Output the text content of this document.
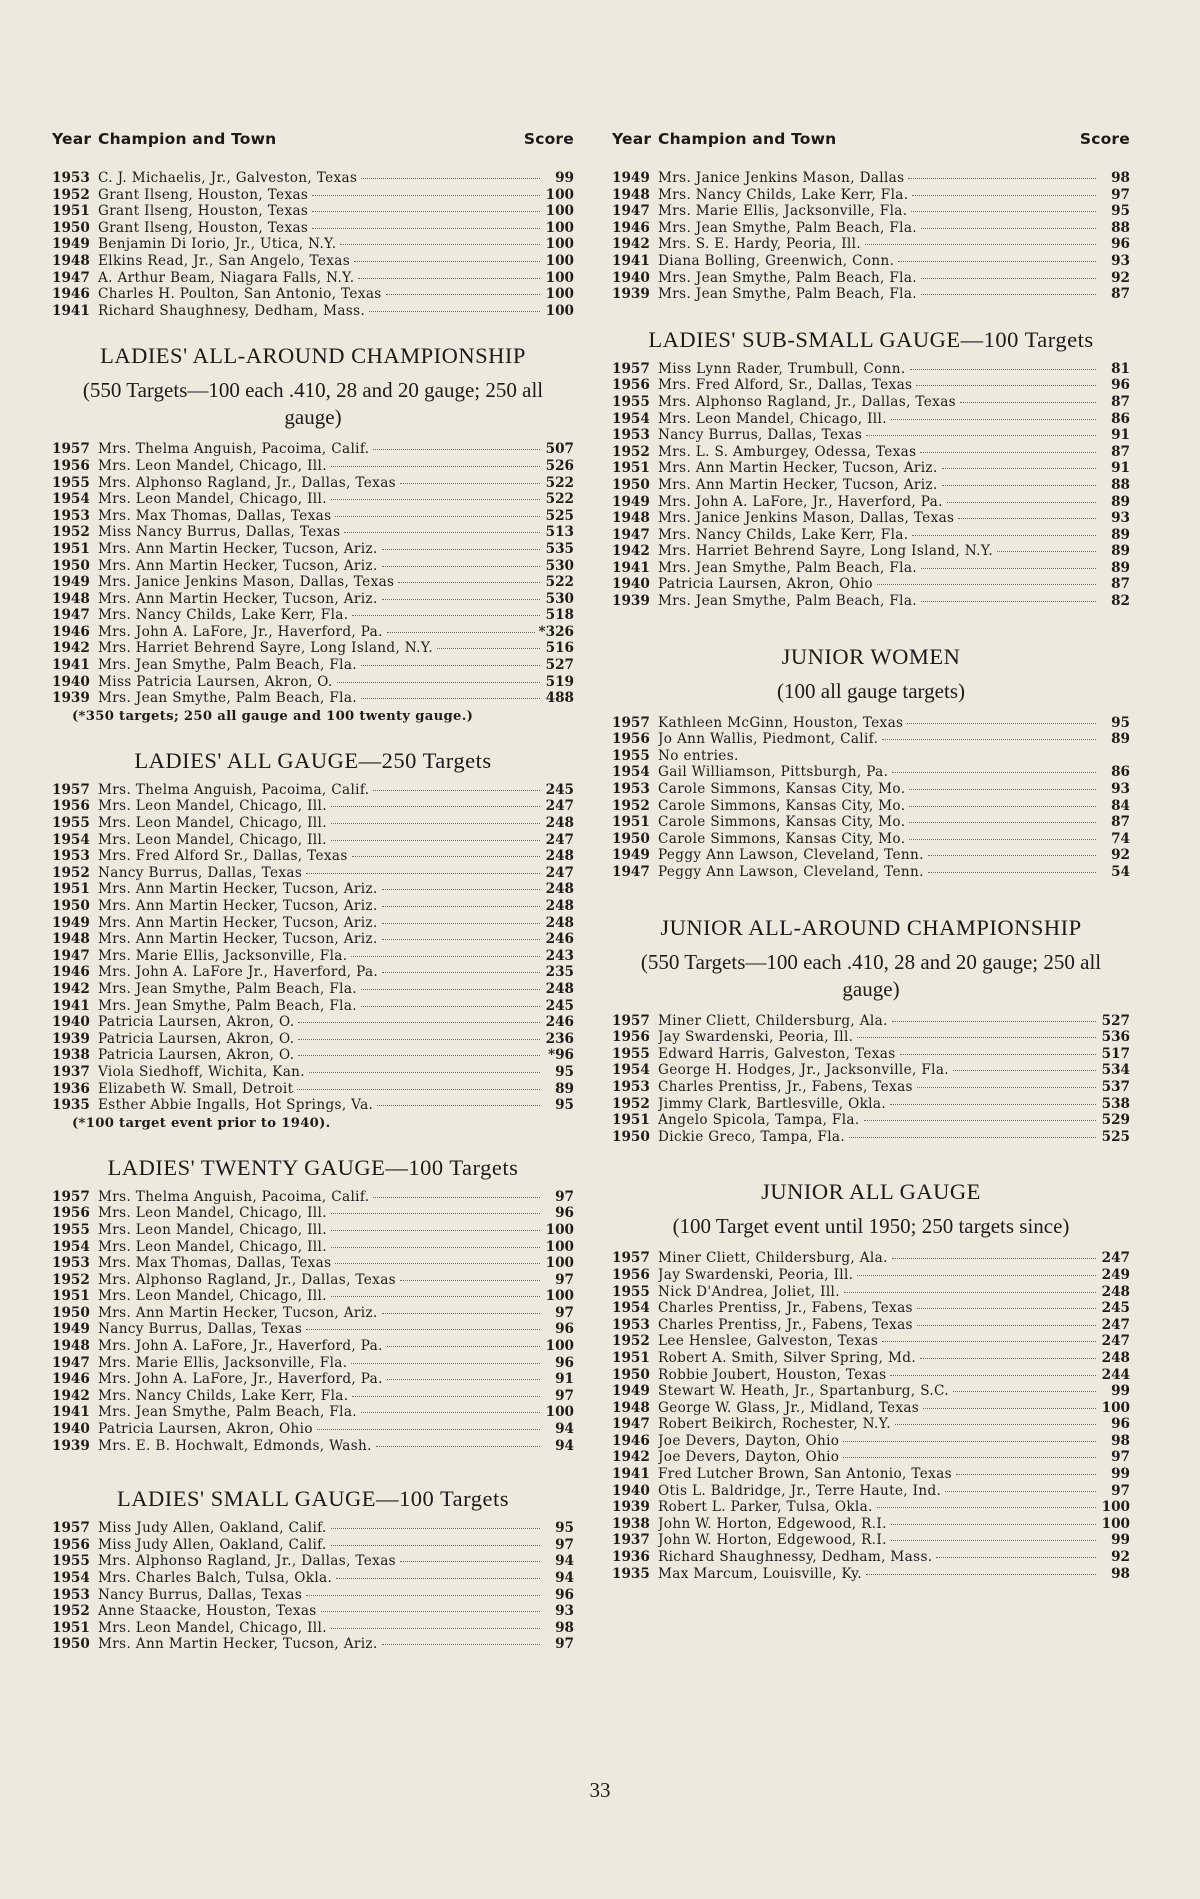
Year Champion and Town	Score
1953 C. J. Michaelis, Jr., Galveston, Texas	99
1952 Grant Ilseng, Houston, Texas	100
1951 Grant Ilseng, Houston, Texas	100
1950 Grant Ilseng, Houston, Texas	100
1949 Benjamin Di Iorio, Jr., Utica, N.Y.	100
1948 Elkins Read, Jr., San Angelo, Texas	100
1947 A. Arthur Beam, Niagara Falls, N.Y.	100
1946 Charles H. Poulton, San Antonio, Texas	100
1941 Richard Shaughnesy, Dedham, Mass.	100
LADIES' ALL-AROUND CHAMPIONSHIP

(550 Targets—100 each .410, 28 and 20 gauge; 250 all gauge)

1957 Mrs. Thelma Anguish, Pacoima, Calif.	507
1956 Mrs. Leon Mandel, Chicago, Ill.	526
1955 Mrs. Alphonso Ragland, Jr., Dallas, Texas	522
1954 Mrs. Leon Mandel, Chicago, Ill.	522
1953 Mrs. Max Thomas, Dallas, Texas	525
1952 Miss Nancy Burrus, Dallas, Texas	513
1951 Mrs. Ann Martin Hecker, Tucson, Ariz.	535
1950 Mrs. Ann Martin Hecker, Tucson, Ariz.	530
1949 Mrs. Janice Jenkins Mason, Dallas, Texas	522
1948 Mrs. Ann Martin Hecker, Tucson, Ariz.	530
1947 Mrs. Nancy Childs, Lake Kerr, Fla.	518
1946 Mrs. John A. LaFore, Jr., Haverford, Pa.	*326
1942 Mrs. Harriet Behrend Sayre, Long Island, N.Y.	516
1941 Mrs. Jean Smythe, Palm Beach, Fla.	527
1940 Miss Patricia Laursen, Akron, O.	519
1939 Mrs. Jean Smythe, Palm Beach, Fla.	488

(*350 targets; 250 all gauge and 100 twenty gauge.)

LADIES' ALL GAUGE—250 Targets
1957 Mrs. Thelma Anguish, Pacoima, Calif.	245
1956 Mrs. Leon Mandel, Chicago, Ill.	247
1955 Mrs. Leon Mandel, Chicago, Ill.	248
1954 Mrs. Leon Mandel, Chicago, Ill.	247
1953 Mrs. Fred Alford Sr., Dallas, Texas	248
1952 Nancy Burrus, Dallas, Texas	247
1951 Mrs. Ann Martin Hecker, Tucson, Ariz.	248
1950 Mrs. Ann Martin Hecker, Tucson, Ariz.	248
1949 Mrs. Ann Martin Hecker, Tucson, Ariz.	248
1948 Mrs. Ann Martin Hecker, Tucson, Ariz.	246
1947 Mrs. Marie Ellis, Jacksonville, Fla.	243
1946 Mrs. John A. LaFore Jr., Haverford, Pa.	235
1942 Mrs. Jean Smythe, Palm Beach, Fla.	248
1941 Mrs. Jean Smythe, Palm Beach, Fla.	245
1940 Patricia Laursen, Akron, O.	246
1939 Patricia Laursen, Akron, O.	236
1938 Patricia Laursen, Akron, O.	*96
1937 Viola Siedhoff, Wichita, Kan.	95
1936 Elizabeth W. Small, Detroit	89
1935 Esther Abbie Ingalls, Hot Springs, Va.	95

(*100 target event prior to 1940).

LADIES' TWENTY GAUGE—100 Targets
1957 Mrs. Thelma Anguish, Pacoima, Calif.	97
1956 Mrs. Leon Mandel, Chicago, Ill.	96
1955 Mrs. Leon Mandel, Chicago, Ill.	100
1954 Mrs. Leon Mandel, Chicago, Ill.	100
1953 Mrs. Max Thomas, Dallas, Texas	100
1952 Mrs. Alphonso Ragland, Jr., Dallas, Texas	97
1951 Mrs. Leon Mandel, Chicago, Ill.	100
1950 Mrs. Ann Martin Hecker, Tucson, Ariz.	97
1949 Nancy Burrus, Dallas, Texas	96
1948 Mrs. John A. LaFore, Jr., Haverford, Pa.	100
1947 Mrs. Marie Ellis, Jacksonville, Fla.	96
1946 Mrs. John A. LaFore, Jr., Haverford, Pa.	91
1942 Mrs. Nancy Childs, Lake Kerr, Fla.	97
1941 Mrs. Jean Smythe, Palm Beach, Fla.	100
1940 Patricia Laursen, Akron, Ohio	94
1939 Mrs. E. B. Hochwalt, Edmonds, Wash.	94
LADIES' SMALL GAUGE—100 Targets
1957 Miss Judy Allen, Oakland, Calif.	95
1956 Miss Judy Allen, Oakland, Calif.	97
1955 Mrs. Alphonso Ragland, Jr., Dallas, Texas	94
1954 Mrs. Charles Balch, Tulsa, Okla.	94
1953 Nancy Burrus, Dallas, Texas	96
1952 Anne Staacke, Houston, Texas	93
1951 Mrs. Leon Mandel, Chicago, Ill.	98
1950 Mrs. Ann Martin Hecker, Tucson, Ariz.	97
Year Champion and Town	Score
1949 Mrs. Janice Jenkins Mason, Dallas	98
1948 Mrs. Nancy Childs, Lake Kerr, Fla.	97
1947 Mrs. Marie Ellis, Jacksonville, Fla.	95
1946 Mrs. Jean Smythe, Palm Beach, Fla.	88
1942 Mrs. S. E. Hardy, Peoria, Ill.	96
1941 Diana Bolling, Greenwich, Conn.	93
1940 Mrs. Jean Smythe, Palm Beach, Fla.	92
1939 Mrs. Jean Smythe, Palm Beach, Fla.	87
LADIES' SUB-SMALL GAUGE—100 Targets
1957 Miss Lynn Rader, Trumbull, Conn.	81
1956 Mrs. Fred Alford, Sr., Dallas, Texas	96
1955 Mrs. Alphonso Ragland, Jr., Dallas, Texas	87
1954 Mrs. Leon Mandel, Chicago, Ill.	86
1953 Nancy Burrus, Dallas, Texas	91
1952 Mrs. L. S. Amburgey, Odessa, Texas	87
1951 Mrs. Ann Martin Hecker, Tucson, Ariz.	91
1950 Mrs. Ann Martin Hecker, Tucson, Ariz.	88
1949 Mrs. John A. LaFore, Jr., Haverford, Pa.	89
1948 Mrs. Janice Jenkins Mason, Dallas, Texas	93
1947 Mrs. Nancy Childs, Lake Kerr, Fla.	89
1942 Mrs. Harriet Behrend Sayre, Long Island, N.Y.	89
1941 Mrs. Jean Smythe, Palm Beach, Fla.	89
1940 Patricia Laursen, Akron, Ohio	87
1939 Mrs. Jean Smythe, Palm Beach, Fla.	82
JUNIOR WOMEN

(100 all gauge targets)

1957 Kathleen McGinn, Houston, Texas	95
1956 Jo Ann Wallis, Piedmont, Calif.	89
1955 No entries.
1954 Gail Williamson, Pittsburgh, Pa.	86
1953 Carole Simmons, Kansas City, Mo.	93
1952 Carole Simmons, Kansas City, Mo.	84
1951 Carole Simmons, Kansas City, Mo.	87
1950 Carole Simmons, Kansas City, Mo.	74
1949 Peggy Ann Lawson, Cleveland, Tenn.	92
1947 Peggy Ann Lawson, Cleveland, Tenn.	54
JUNIOR ALL-AROUND CHAMPIONSHIP

(550 Targets—100 each .410, 28 and 20 gauge; 250 all gauge)

1957 Miner Cliett, Childersburg, Ala.	527
1956 Jay Swardenski, Peoria, Ill.	536
1955 Edward Harris, Galveston, Texas	517
1954 George H. Hodges, Jr., Jacksonville, Fla.	534
1953 Charles Prentiss, Jr., Fabens, Texas	537
1952 Jimmy Clark, Bartlesville, Okla.	538
1951 Angelo Spicola, Tampa, Fla.	529
1950 Dickie Greco, Tampa, Fla.	525
JUNIOR ALL GAUGE

(100 Target event until 1950; 250 targets since)

1957 Miner Cliett, Childersburg, Ala.	247
1956 Jay Swardenski, Peoria, Ill.	249
1955 Nick D'Andrea, Joliet, Ill.	248
1954 Charles Prentiss, Jr., Fabens, Texas	245
1953 Charles Prentiss, Jr., Fabens, Texas	247
1952 Lee Henslee, Galveston, Texas	247
1951 Robert A. Smith, Silver Spring, Md.	248
1950 Robbie Joubert, Houston, Texas	244
1949 Stewart W. Heath, Jr., Spartanburg, S.C.	99
1948 George W. Glass, Jr., Midland, Texas	100
1947 Robert Beikirch, Rochester, N.Y.	96
1946 Joe Devers, Dayton, Ohio	98
1942 Joe Devers, Dayton, Ohio	97
1941 Fred Lutcher Brown, San Antonio, Texas	99
1940 Otis L. Baldridge, Jr., Terre Haute, Ind.	97
1939 Robert L. Parker, Tulsa, Okla.	100
1938 John W. Horton, Edgewood, R.I.	100
1937 John W. Horton, Edgewood, R.I.	99
1936 Richard Shaughnessy, Dedham, Mass.	92
1935 Max Marcum, Louisville, Ky.	98
33
